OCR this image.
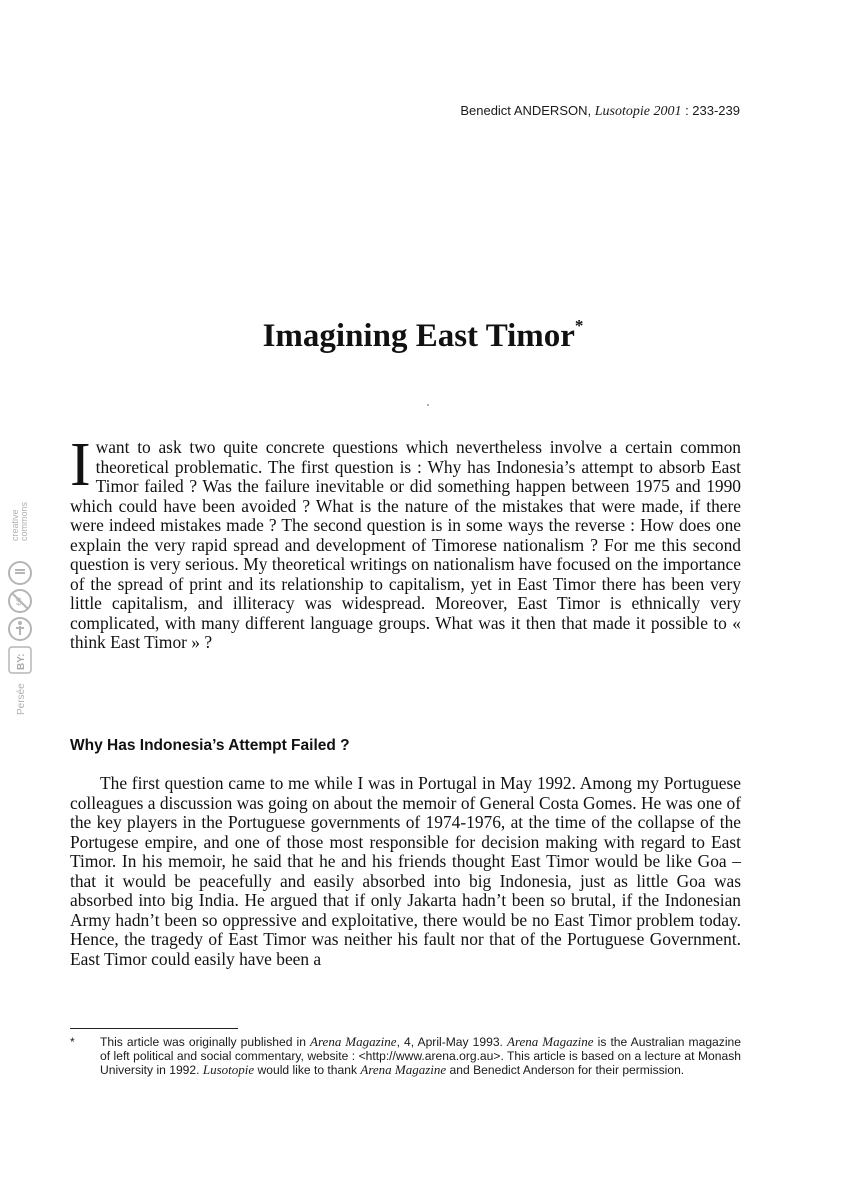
Benedict ANDERSON, Lusotopie 2001 : 233-239
Imagining East Timor*
Iwant to ask two quite concrete questions which nevertheless involve a certain common theoretical problematic. The first question is : Why has Indonesia’s attempt to absorb East Timor failed ? Was the failure inevitable or did something happen between 1975 and 1990 which could have been avoided ? What is the nature of the mistakes that were made, if there were indeed mistakes made ? The second question is in some ways the reverse : How does one explain the very rapid spread and development of Timorese nationalism ? For me this second question is very serious. My theoretical writings on nationalism have focused on the importance of the spread of print and its relationship to capitalism, yet in East Timor there has been very little capitalism, and illiteracy was widespread. Moreover, East Timor is ethnically very complicated, with many different language groups. What was it then that made it possible to « think East Timor » ?
Why Has Indonesia’s Attempt Failed ?
The first question came to me while I was in Portugal in May 1992. Among my Portuguese colleagues a discussion was going on about the memoir of General Costa Gomes. He was one of the key players in the Portuguese governments of 1974-1976, at the time of the collapse of the Portugese empire, and one of those most responsible for decision making with regard to East Timor. In his memoir, he said that he and his friends thought East Timor would be like Goa – that it would be peacefully and easily absorbed into big Indonesia, just as little Goa was absorbed into big India. He argued that if only Jakarta hadn’t been so brutal, if the Indonesian Army hadn’t been so oppressive and exploitative, there would be no East Timor problem today. Hence, the tragedy of East Timor was neither his fault nor that of the Portuguese Government. East Timor could easily have been a
* This article was originally published in Arena Magazine, 4, April-May 1993. Arena Magazine is the Australian magazine of left political and social commentary, website : <http://www.arena.org.au>. This article is based on a lecture at Monash University in 1992. Lusotopie would like to thank Arena Magazine and Benedict Anderson for their permission.
commons
creative
$
BY:
Persée
